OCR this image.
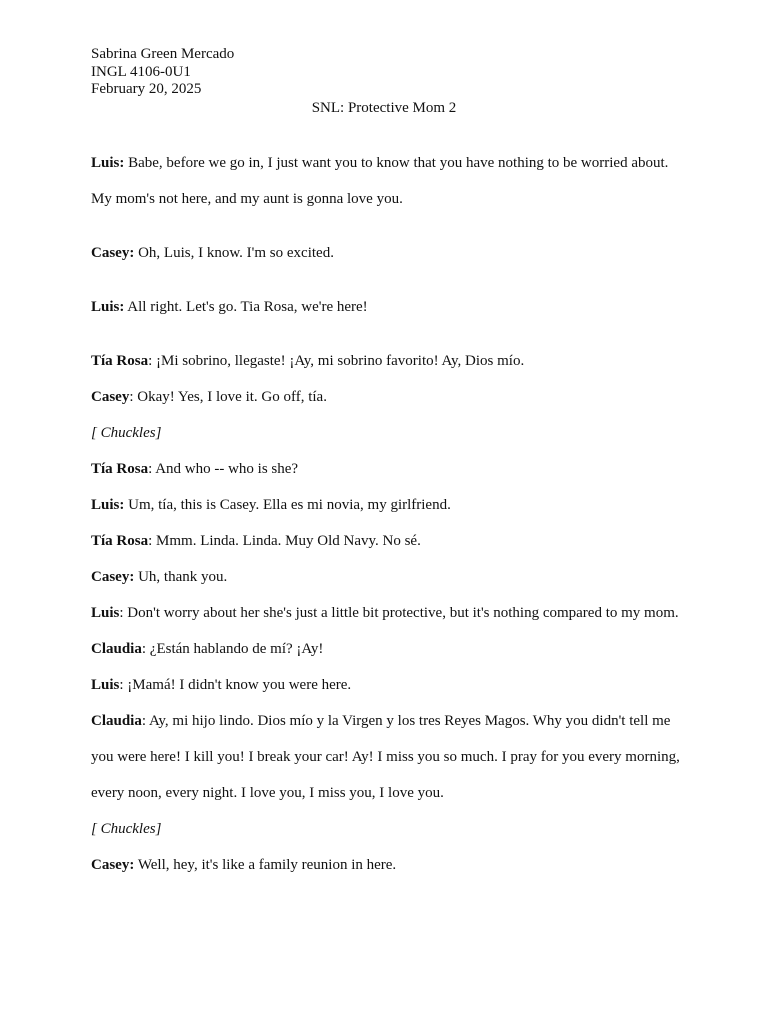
Sabrina Green Mercado
INGL 4106-0U1
February 20, 2025
SNL: Protective Mom 2

Luis: Babe, before we go in, I just want you to know that you have nothing to be worried about. My mom's not here, and my aunt is gonna love you.

Casey: Oh, Luis, I know. I'm so excited.

Luis: All right. Let's go. Tia Rosa, we're here!

Tía Rosa: ¡Mi sobrino, llegaste! ¡Ay, mi sobrino favorito! Ay, Dios mío.

Casey: Okay! Yes, I love it. Go off, tía.

[ Chuckles]

Tía Rosa: And who -- who is she?

Luis: Um, tía, this is Casey. Ella es mi novia, my girlfriend.

Tía Rosa: Mmm. Linda. Linda. Muy Old Navy. No sé.

Casey: Uh, thank you.

Luis: Don't worry about her she's just a little bit protective, but it's nothing compared to my mom.

Claudia: ¿Están hablando de mí? ¡Ay!

Luis: ¡Mamá! I didn't know you were here.

Claudia: Ay, mi hijo lindo. Dios mío y la Virgen y los tres Reyes Magos. Why you didn't tell me you were here! I kill you! I break your car! Ay! I miss you so much. I pray for you every morning, every noon, every night. I love you, I miss you, I love you.

[ Chuckles]

Casey: Well, hey, it's like a family reunion in here.
